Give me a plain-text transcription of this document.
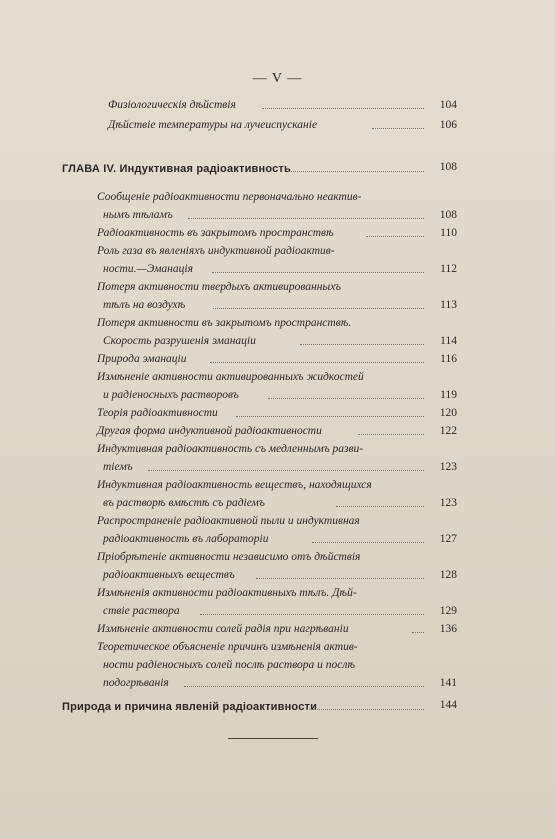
— V —
Физiологическiя дѣйствiя	104
Дѣйствiе температуры на лучеиспусканiе	106
ГЛАВА IV. Индуктивная радiоактивность	108
Сообщенiе радiоактивности первоначально неактив-
нымъ тѣламъ	108
Радiоактивность въ закрытомъ пространствѣ	110
Роль газа въ явленiяхъ индуктивной радiоактив-
ности.—Эманацiя	112
Потеря активности твердыхъ активированныхъ
тѣлъ на воздухѣ	113
Потеря активности въ закрытомъ пространствѣ.
Скорость разрушенiя эманацiи	114
Природа эманацiи	116
Измѣненiе активности активированныхъ жидкостей
и радiеносныхъ растворовъ	119
Теорiя радiоактивности	120
Другая форма индуктивной радiоактивности	122
Индуктивная радiоактивность съ медленнымъ разви-
тiемъ	123
Индуктивная радiоактивность веществъ, находящихся
въ растворѣ вмѣстѣ съ радiемъ	123
Распространенiе радiоактивной пыли и индуктивная
радiоактивность въ лабораторiи	127
Прiобрѣтенiе активности независимо отъ дѣйствiя
радiоактивныхъ веществъ	128
Измѣненiя активности радiоактивныхъ тѣлъ. Дѣй-
ствiе раствора	129
Измѣненiе активности солей радiя при нагрѣванiи	136
Теоретическое объясненiе причинъ измѣненiя актив-
ности радiеносныхъ солей послѣ раствора и послѣ
подогрѣванiя	141
Природа и причина явленiй радiоактивности	144
